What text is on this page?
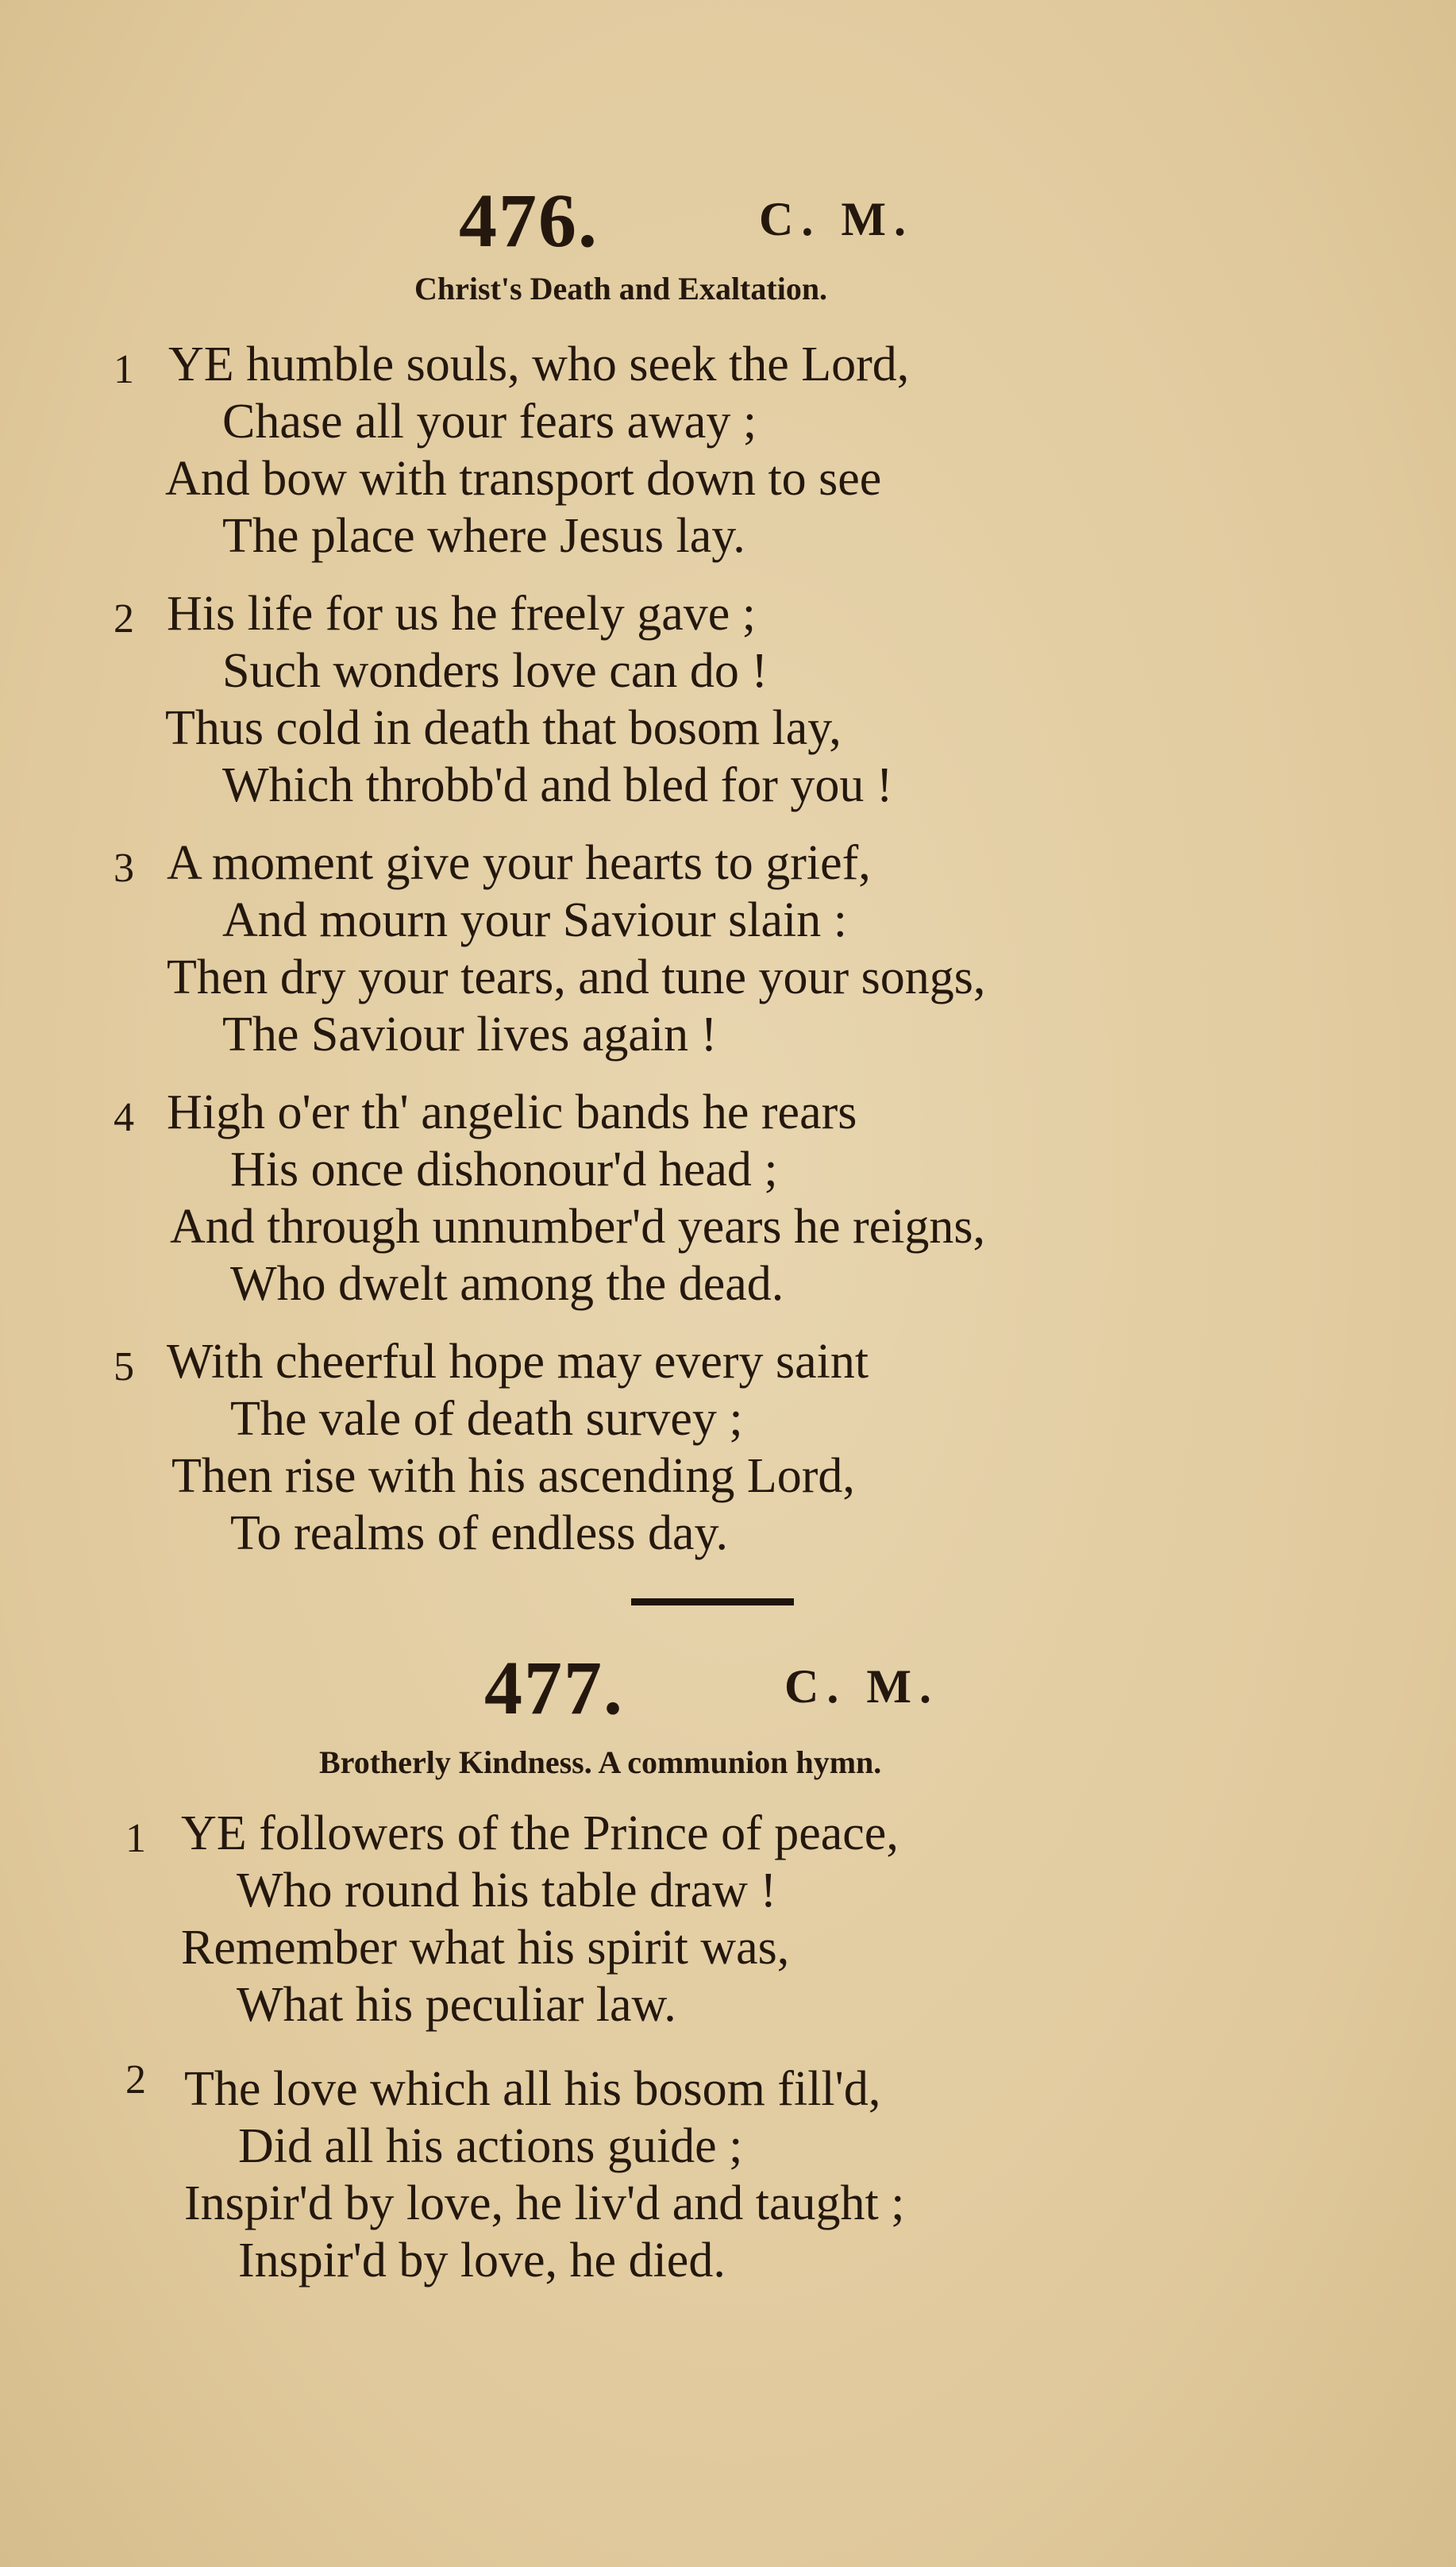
476.	C. M.
Christ's Death and Exaltation.
1 YE humble souls, who seek the Lord,
Chase all your fears away ;
And bow with transport down to see
The place where Jesus lay.
2 His life for us he freely gave ;
Such wonders love can do !
Thus cold in death that bosom lay,
Which throbb'd and bled for you !
3 A moment give your hearts to grief,
And mourn your Saviour slain :
Then dry your tears, and tune your songs,
The Saviour lives again !
4 High o'er th' angelic bands he rears
His once dishonour'd head ;
And through unnumber'd years he reigns,
Who dwelt among the dead.
5 With cheerful hope may every saint
The vale of death survey ;
Then rise with his ascending Lord,
To realms of endless day.
477.	C. M.
Brotherly Kindness. A communion hymn.
1 YE followers of the Prince of peace,
Who round his table draw !
Remember what his spirit was,
What his peculiar law.
2 The love which all his bosom fill'd,
Did all his actions guide ;
Inspir'd by love, he liv'd and taught ;
Inspir'd by love, he died.
